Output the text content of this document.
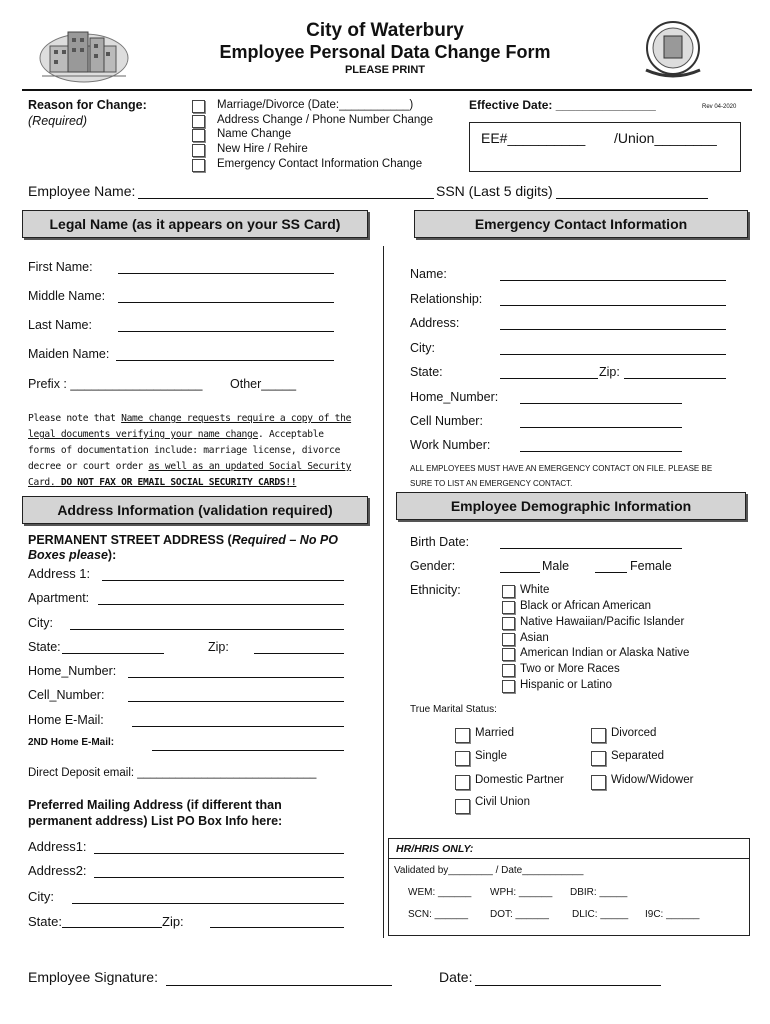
City of Waterbury
Employee Personal Data Change Form
PLEASE PRINT
Reason for Change:
(Required)
Marriage/Divorce (Date:___________)
Address Change / Phone Number Change
Name Change
New Hire / Rehire
Emergency Contact Information Change
Effective Date: _______________	Rev 04-2020
EE#__________ /Union________
Employee Name:	SSN (Last 5 digits)
Legal Name (as it appears on your SS Card)	Emergency Contact Information
First Name:
Middle Name:
Last Name:
Maiden Name:
Prefix : ___________________ Other_____
Please note that Name change requests require a copy of the legal documents verifying your name change. Acceptable forms of documentation include: marriage license, divorce decree or court order as well as an updated Social Security Card. DO NOT FAX OR EMAIL SOCIAL SECURITY CARDS!!
Address Information (validation required)
PERMANENT STREET ADDRESS (Required – No PO Boxes please):
Address 1:
Apartment:
City:
State:	Zip:
Home_Number:
Cell_Number:
Home E-Mail:
2ND Home E-Mail:
Direct Deposit email: ____________________________
Preferred Mailing Address (if different than permanent address) List PO Box Info here:
Address1:
Address2:
City:
State:	Zip:
Name:
Relationship:
Address:
City:
State:	Zip:
Home_Number:
Cell Number:
Work Number:
ALL EMPLOYEES MUST HAVE AN EMERGENCY CONTACT ON FILE. PLEASE BE SURE TO LIST AN EMERGENCY CONTACT.
Employee Demographic Information
Birth Date:
Gender:	Male	Female
Ethnicity:	White
Black or African American
Native Hawaiian/Pacific Islander
Asian
American Indian or Alaska Native
Two or More Races
Hispanic or Latino
True Marital Status:
Married
Single
Domestic Partner
Civil Union
Divorced
Separated
Widow/Widower
HR/HRIS ONLY:
Validated by________ / Date___________
WEM: ______ WPH: ______ DBIR: _____
SCN: ______ DOT: ______ DLIC: _____ I9C: ______
Employee Signature:	Date:
